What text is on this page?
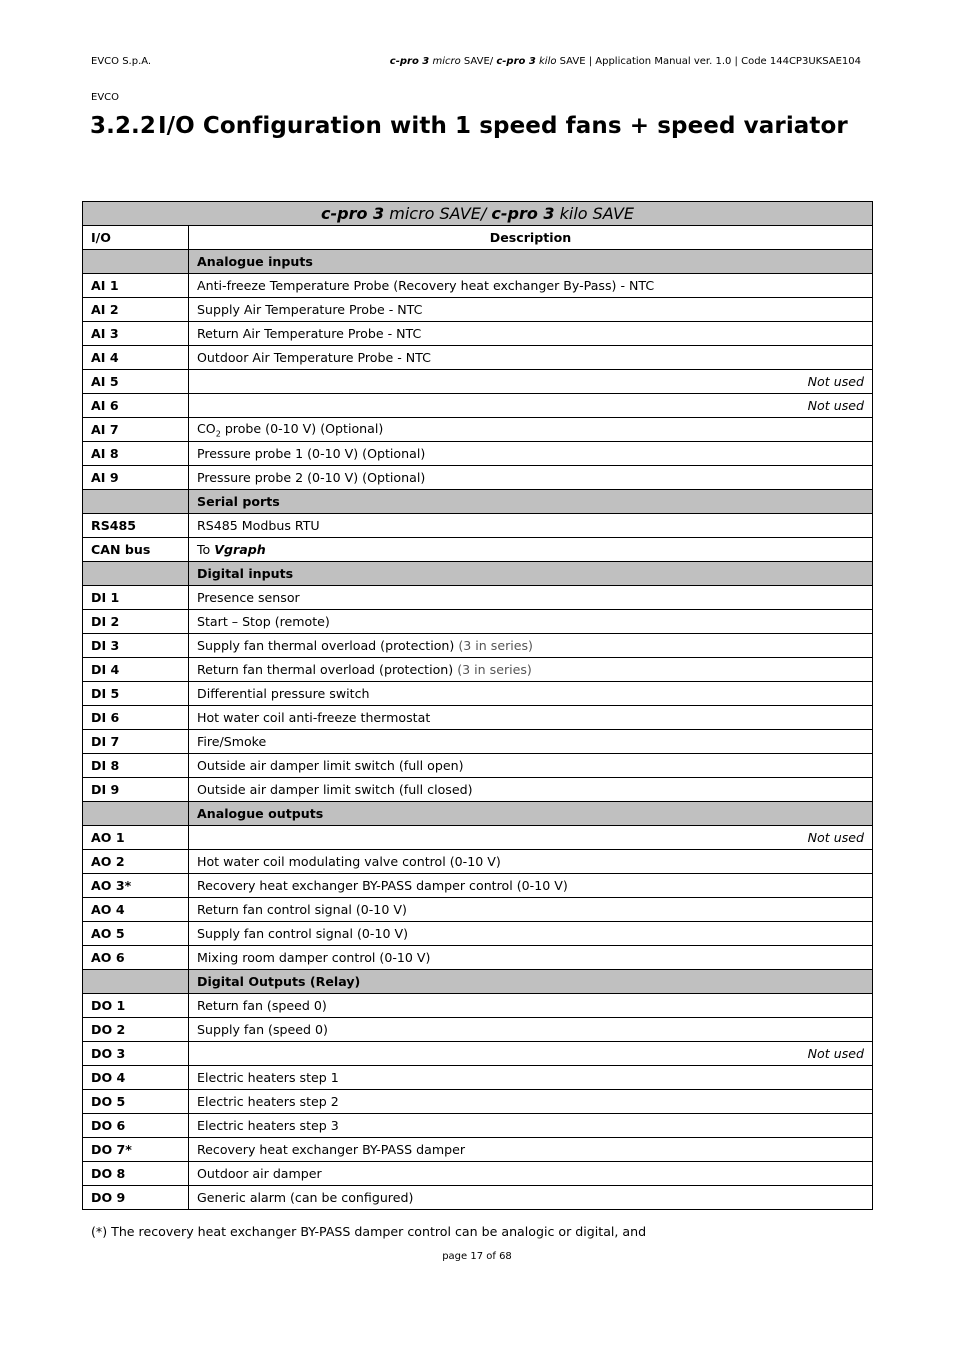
EVCO S.p.A.	c-pro 3 micro SAVE/ c-pro 3 kilo SAVE | Application Manual ver. 1.0 | Code 144CP3UKSAE104
EVCO
3.2.2I/O Configuration with 1 speed fans + speed variator
c-pro 3 micro SAVE/ c-pro 3 kilo SAVE	
I/O	Description
	Analogue inputs
AI 1	Anti-freeze Temperature Probe (Recovery heat exchanger By-Pass) - NTC
AI 2	Supply Air Temperature Probe - NTC
AI 3	Return Air Temperature Probe - NTC
AI 4	Outdoor Air Temperature Probe - NTC
AI 5	Not used
AI 6	Not used
AI 7	$CO_2$ probe (0-10 V) (Optional)
AI 8	Pressure probe 1 (0-10 V) (Optional)
AI 9	Pressure probe 2 (0-10 V) (Optional)
	Serial ports
RS485	RS485 Modbus RTU
CAN bus	To Vgraph
	Digital inputs
DI 1	Presence sensor
DI 2	Start – Stop (remote)
DI 3	Supply fan thermal overload (protection) (3 in series)
DI 4	Return fan thermal overload (protection) (3 in series)
DI 5	Differential pressure switch
DI 6	Hot water coil anti-freeze thermostat
DI 7	Fire/Smoke
DI 8	Outside air damper limit switch (full open)
DI 9	Outside air damper limit switch (full closed)
	Analogue outputs
AO 1	Not used
AO 2	Hot water coil modulating valve control (0-10 V)
AO 3*	Recovery heat exchanger BY-PASS damper control (0-10 V)
AO 4	Return fan control signal (0-10 V)
AO 5	Supply fan control signal (0-10 V)
AO 6	Mixing room damper control (0-10 V)
	Digital Outputs (Relay)
DO 1	Return fan (speed 0)
DO 2	Supply fan (speed 0)
DO 3	Not used
DO 4	Electric heaters step 1
DO 5	Electric heaters step 2
DO 6	Electric heaters step 3
DO 7*	Recovery heat exchanger BY-PASS damper
DO 8	Outdoor air damper
DO 9	Generic alarm (can be configured)
(*) The recovery heat exchanger BY-PASS damper control can be analogic or digital, and
page 17 of 68
